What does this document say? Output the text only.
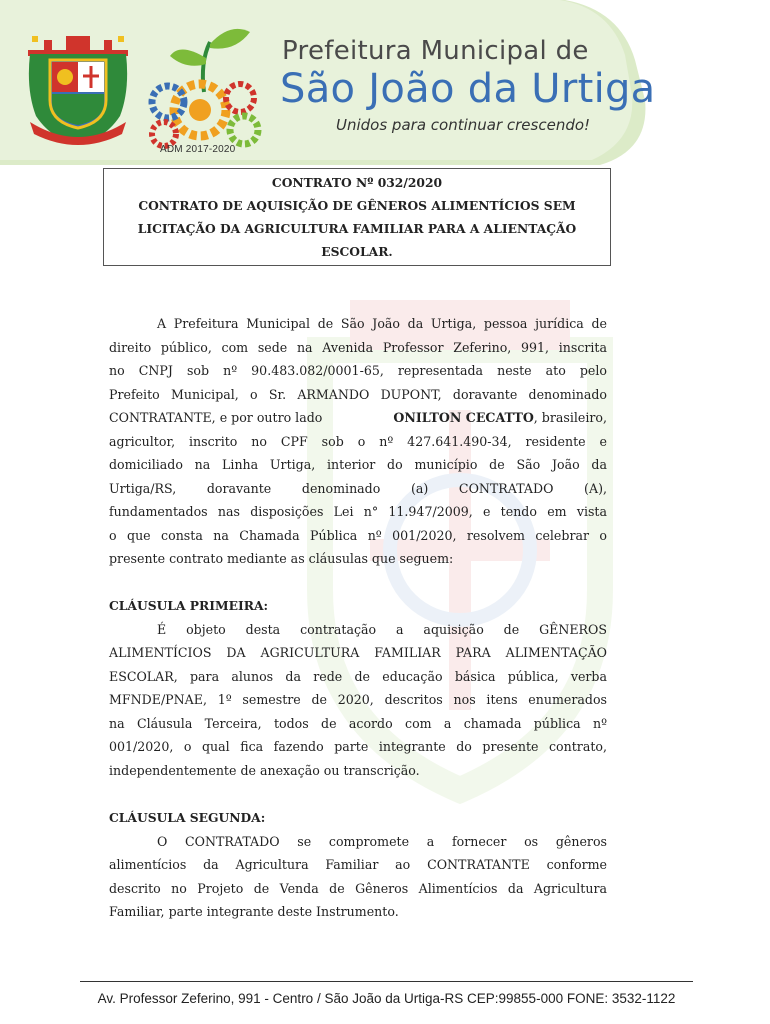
ADM 2017-2020
Prefeitura Municipal de
São João da Urtiga
Unidos para continuar crescendo!
CONTRATO Nº 032/2020
CONTRATO DE AQUISIÇÃO DE GÊNEROS ALIMENTÍCIOS SEM
LICITAÇÃO DA AGRICULTURA FAMILIAR PARA A ALIENTAÇÃO
ESCOLAR.
A Prefeitura Municipal de São João da Urtiga, pessoa jurídica de
direito público, com sede na Avenida Professor Zeferino, 991, inscrita
no CNPJ sob nº 90.483.082/0001-65, representada neste ato pelo
Prefeito Municipal, o Sr. ARMANDO DUPONT, doravante denominado
CONTRATANTE, e por outro lado	ONILTON CECATTO, brasileiro,
agricultor, inscrito no CPF sob o nº 427.641.490-34, residente e
domiciliado na Linha Urtiga, interior do município de São João da
Urtiga/RS, doravante denominado (a) CONTRATADO (A),
fundamentados nas disposições Lei n° 11.947/2009, e tendo em vista
o que consta na Chamada Pública nº 001/2020, resolvem celebrar o
presente contrato mediante as cláusulas que seguem:
CLÁUSULA PRIMEIRA:
É objeto desta contratação a aquisição de GÊNEROS
ALIMENTÍCIOS DA AGRICULTURA FAMILIAR PARA ALIMENTAÇÃO
ESCOLAR, para alunos da rede de educação básica pública, verba
MFNDE/PNAE, 1º semestre de 2020, descritos nos itens enumerados
na Cláusula Terceira, todos de acordo com a chamada pública nº
001/2020, o qual fica fazendo parte integrante do presente contrato,
independentemente de anexação ou transcrição.
CLÁUSULA SEGUNDA:
O CONTRATADO se compromete a fornecer os gêneros
alimentícios da Agricultura Familiar ao CONTRATANTE conforme
descrito no Projeto de Venda de Gêneros Alimentícios da Agricultura
Familiar, parte integrante deste Instrumento.
Av. Professor Zeferino, 991 - Centro / São João da Urtiga-RS CEP:99855-000 FONE: 3532-1122
